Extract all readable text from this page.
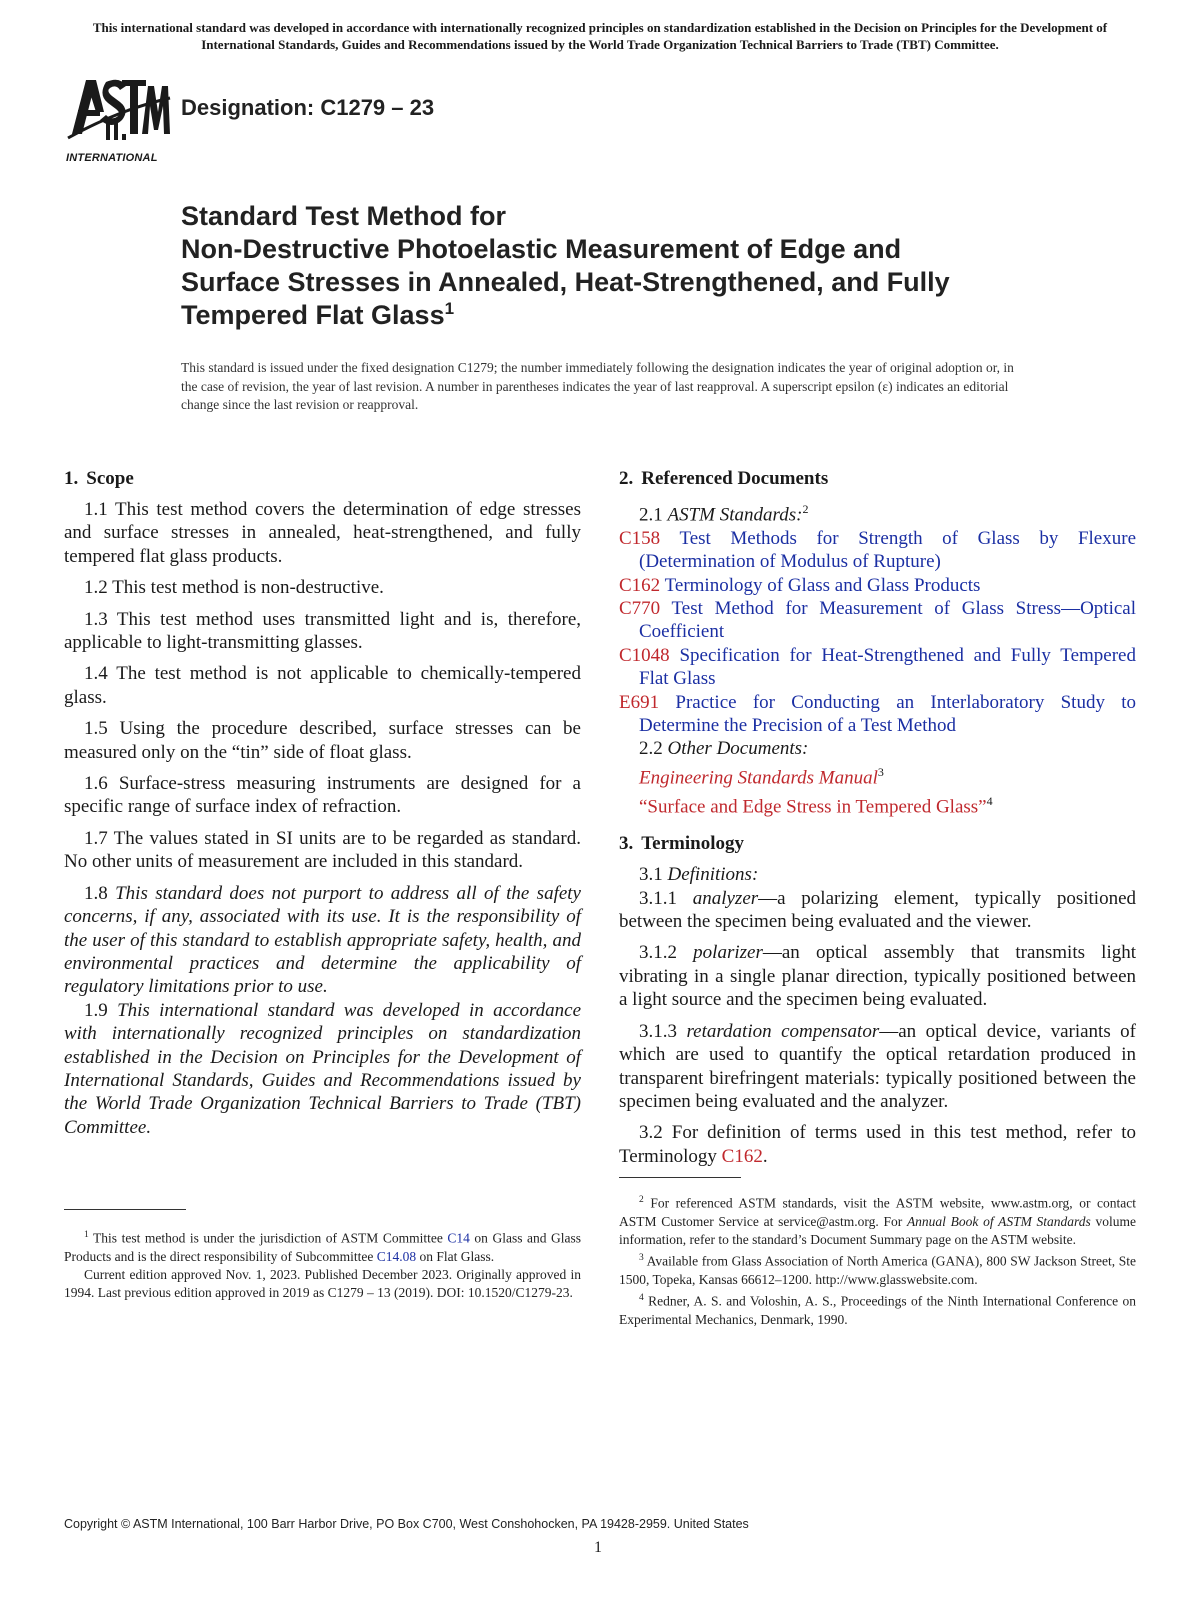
This international standard was developed in accordance with internationally recognized principles on standardization established in the Decision on Principles for the Development of International Standards, Guides and Recommendations issued by the World Trade Organization Technical Barriers to Trade (TBT) Committee.
INTERNATIONAL
Designation: C1279 – 23
Standard Test Method for
Non-Destructive Photoelastic Measurement of Edge and
Surface Stresses in Annealed, Heat-Strengthened, and Fully
Tempered Flat Glass$^1$
This standard is issued under the fixed designation C1279; the number immediately following the designation indicates the year of original adoption or, in the case of revision, the year of last revision. A number in parentheses indicates the year of last reapproval. A superscript epsilon (ε) indicates an editorial change since the last revision or reapproval.
1. Scope

1.1 This test method covers the determination of edge stresses and surface stresses in annealed, heat-strengthened, and fully tempered flat glass products.

1.2 This test method is non-destructive.

1.3 This test method uses transmitted light and is, therefore, applicable to light-transmitting glasses.

1.4 The test method is not applicable to chemically-tempered glass.

1.5 Using the procedure described, surface stresses can be measured only on the “tin” side of float glass.

1.6 Surface-stress measuring instruments are designed for a specific range of surface index of refraction.

1.7 The values stated in SI units are to be regarded as standard. No other units of measurement are included in this standard.

1.8 This standard does not purport to address all of the safety concerns, if any, associated with its use. It is the responsibility of the user of this standard to establish appropriate safety, health, and environmental practices and determine the applicability of regulatory limitations prior to use.

1.9 This international standard was developed in accordance with internationally recognized principles on standardization established in the Decision on Principles for the Development of International Standards, Guides and Recommendations issued by the World Trade Organization Technical Barriers to Trade (TBT) Committee.

$^1$ This test method is under the jurisdiction of ASTM Committee C14 on Glass and Glass Products and is the direct responsibility of Subcommittee C14.08 on Flat Glass.

Current edition approved Nov. 1, 2023. Published December 2023. Originally approved in 1994. Last previous edition approved in 2019 as C1279 – 13 (2019). DOI: 10.1520/C1279-23.

2. Referenced Documents
2.1 ASTM Standards:$^2$
C158 Test Methods for Strength of Glass by Flexure (Determination of Modulus of Rupture)
C162 Terminology of Glass and Glass Products
C770 Test Method for Measurement of Glass Stress—Optical Coefficient
C1048 Specification for Heat-Strengthened and Fully Tempered Flat Glass
E691 Practice for Conducting an Interlaboratory Study to Determine the Precision of a Test Method
2.2 Other Documents:
Engineering Standards Manual$^3$
“Surface and Edge Stress in Tempered Glass”$^4$
3. Terminology
3.1 Definitions:

3.1.1 analyzer—a polarizing element, typically positioned between the specimen being evaluated and the viewer.

3.1.2 polarizer—an optical assembly that transmits light vibrating in a single planar direction, typically positioned between a light source and the specimen being evaluated.

3.1.3 retardation compensator—an optical device, variants of which are used to quantify the optical retardation produced in transparent birefringent materials: typically positioned between the specimen being evaluated and the analyzer.

3.2 For definition of terms used in this test method, refer to Terminology C162.

$^2$ For referenced ASTM standards, visit the ASTM website, www.astm.org, or contact ASTM Customer Service at service@astm.org. For Annual Book of ASTM Standards volume information, refer to the standard’s Document Summary page on the ASTM website.

$^3$ Available from Glass Association of North America (GANA), 800 SW Jackson Street, Ste 1500, Topeka, Kansas 66612–1200. http://www.glasswebsite.com.

$^4$ Redner, A. S. and Voloshin, A. S., Proceedings of the Ninth International Conference on Experimental Mechanics, Denmark, 1990.

Copyright © ASTM International, 100 Barr Harbor Drive, PO Box C700, West Conshohocken, PA 19428-2959. United States
1
